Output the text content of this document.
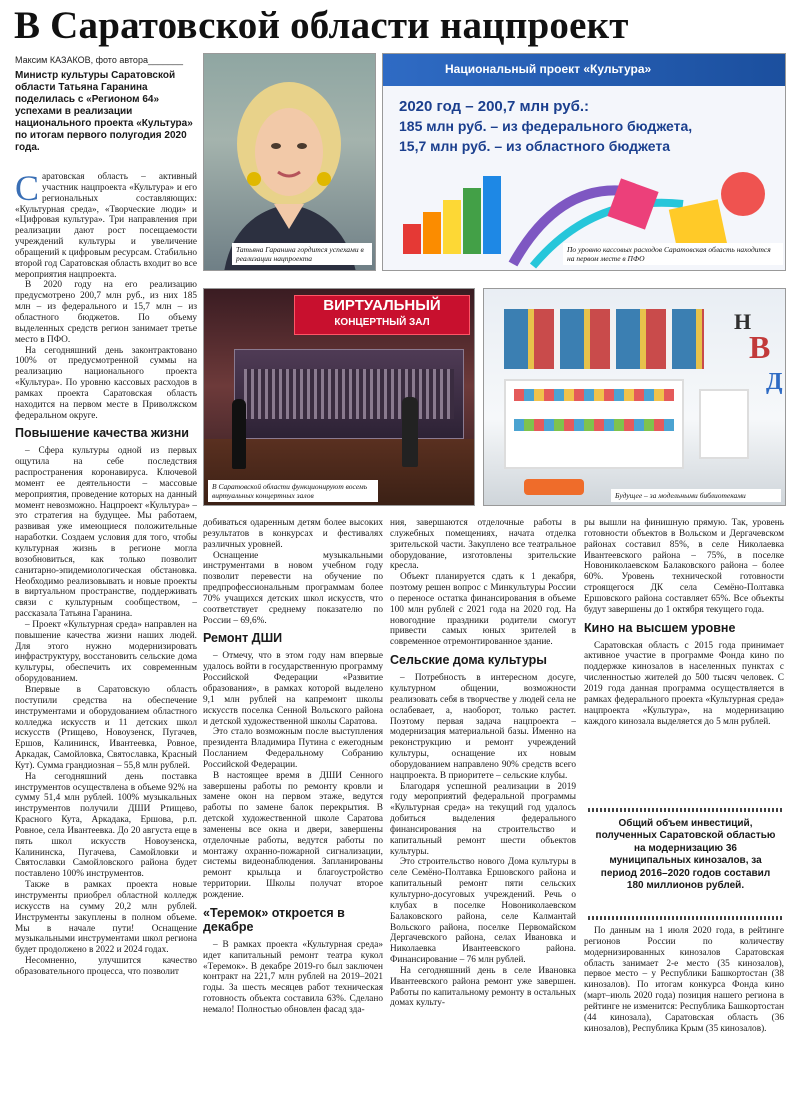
В Саратовской области нацпроект
Максим КАЗАКОВ, фото автора_______
Министр культуры Саратовской области Татьяна Гаранина поделилась с «Регионом 64» успехами в реализации национального проекта «Культура» по итогам первого полугодия 2020 года.
Татьяна Гаранина гордится успехами в реализации нацпроекта
Национальный проект «Культура»
2020 год – 200,7 млн руб.:
185 млн руб. – из федерального бюджета,
15,7 млн руб. – из областного бюджета
По уровню кассовых расходов Саратовская область находится на первом месте в ПФО
ВИРТУАЛЬНЫЙ
КОНЦЕРТНЫЙ ЗАЛ
В Саратовской области функционируют восемь виртуальных концертных залов
Н
В
Д
Будущее – за модельными библиотеками

Саратовская область – активный участник нацпроекта «Культура» и его региональных составляющих: «Культурная среда», «Творческие люди» и «Цифровая культура». Три направления при реализации дают рост посещаемости учреждений культуры и увеличение обращений к цифровым ресурсам. Стабильно второй год Саратовская область входит во все мероприятия нацпроекта.

В 2020 году на его реализацию предусмотрено 200,7 млн руб., из них 185 млн – из федерального и 15,7 млн – из областного бюджетов. По объему выделенных средств регион занимает третье место в ПФО.

На сегодняшний день законтрактовано 100% от предусмотренной суммы на реализацию национального проекта «Культура». По уровню кассовых расходов в рамках проекта Саратовская область находится на первом месте в Приволжском федеральном округе.

Повышение качества жизни

– Сфера культуры одной из первых ощутила на себе последствия распространения коронавируса. Ключевой момент ее деятельности – массовые мероприятия, проведение которых на данный момент невозможно. Нацпроект «Культура» – это стратегия на будущее. Мы работаем, развивая уже имеющиеся положительные наработки. Создаем условия для того, чтобы культурная жизнь в регионе могла возобновиться, как только позволит санитарно-эпидемиологическая обстановка. Необходимо реализовывать и новые проекты в виртуальном пространстве, поддерживать связи с культурным сообществом, – рассказала Татьяна Гаранина.

– Проект «Культурная среда» направлен на повышение качества жизни наших людей. Для этого нужно модернизировать инфраструктуру, восстановить сельские дома культуры, обеспечить их современным оборудованием.

Впервые в Саратовскую область поступили средства на обеспечение инструментами и оборудованием областного колледжа искусств и 11 детских школ искусств (Ртищево, Новоузенск, Пугачев, Ершов, Калининск, Ивантеевка, Ровное, Аркадак, Самойловка, Святославка, Красный Кут). Сумма грандиозная – 55,8 млн рублей.

На сегодняшний день поставка инструментов осуществлена в объеме 92% на сумму 51,4 млн рублей. 100% музыкальных инструментов получили ДШИ Ртищево, Красного Кута, Аркадака, Ершова, р.п. Ровное, села Ивантеевка. До 20 августа еще в пять школ искусств Новоузенска, Калининска, Пугачева, Самойловки и Святославки Самойловского района будет поставлено 100% инструментов.

Также в рамках проекта новые инструменты приобрел областной колледж искусств на сумму 20,2 млн рублей. Инструменты закуплены в полном объеме. Мы в начале пути! Оснащение музыкальными инструментами школ региона будет продолжено в 2022 и 2024 годах.

Несомненно, улучшится качество образовательного процесса, что позволит

добиваться одаренным детям более высоких результатов в конкурсах и фестивалях различных уровней.

Оснащение музыкальными инструментами в новом учебном году позволит перевести на обучение по предпрофессиональным программам более 70% учащихся детских школ искусств, что соответствует среднему показателю по России – 69,6%.

Ремонт ДШИ

– Отмечу, что в этом году нам впервые удалось войти в государственную программу Российской Федерации «Развитие образования», в рамках которой выделено 9,1 млн рублей на капремонт школы искусств поселка Сенной Вольского района и детской художественной школы Саратова.

Это стало возможным после выступления президента Владимира Путина с ежегодным Посланием Федеральному Собранию Российской Федерации.

В настоящее время в ДШИ Сенного завершены работы по ремонту кровли и замене окон на первом этаже, ведутся работы по замене балок перекрытия. В детской художественной школе Саратова заменены все окна и двери, завершены отделочные работы, ведутся работы по монтажу охранно-пожарной сигнализации, системы видеонаблюдения. Запланированы ремонт крыльца и благоустройство территории. Школы получат второе рождение.

«Теремок» откроется в декабре

– В рамках проекта «Культурная среда» идет капитальный ремонт театра кукол «Теремок». В декабре 2019-го был заключен контракт на 221,7 млн рублей на 2019–2021 годы. За шесть месяцев работ техническая готовность объекта составила 63%. Сделано немало! Полностью обновлен фасад зда-

ния, завершаются отделочные работы в служебных помещениях, начата отделка зрительской части. Закуплено все театральное оборудование, изготовлены зрительские кресла.

Объект планируется сдать к 1 декабря, поэтому решен вопрос с Минкультуры России о переносе остатка финансирования в объеме 100 млн рублей с 2021 года на 2020 год. На новогодние праздники родители смогут привести самых юных зрителей в современное отремонтированное здание.

Сельские дома культуры

– Потребность в интересном досуге, культурном общении, возможности реализовать себя в творчестве у людей села не ослабевает, а, наоборот, только растет. Поэтому первая задача нацпроекта – модернизация материальной базы. Именно на реконструкцию и ремонт учреждений культуры, оснащение их новым оборудованием направлено 90% средств всего нацпроекта. В приоритете – сельские клубы.

Благодаря успешной реализации в 2019 году мероприятий федеральной программы «Культурная среда» на текущий год удалось добиться выделения федерального финансирования на строительство и капитальный ремонт шести объектов культуры.

Это строительство нового Дома культуры в селе Семёно-Полтавка Ершовского района и капитальный ремонт пяти сельских культурно-досуговых учреждений. Речь о клубах в поселке Новониколаевском Балаковского района, селе Калмантай Вольского района, поселке Первомайском Дергачевского района, селах Ивановка и Николаевка Ивантеевского района. Финансирование – 76 млн рублей.

На сегодняшний день в селе Ивановка Ивантеевского района ремонт уже завершен. Работы по капитальному ремонту в остальных домах культу-

ры вышли на финишную прямую. Так, уровень готовности объектов в Вольском и Дергачевском районах составил 85%, в селе Николаевка Ивантеевского района – 75%, в поселке Новониколаевском Балаковского района – более 60%. Уровень технической готовности строящегося ДК села Семёно-Полтавка Ершовского района составляет 65%. Все объекты будут завершены до 1 октября текущего года.

Кино на высшем уровне

Саратовская область с 2015 года принимает активное участие в программе Фонда кино по поддержке кинозалов в населенных пунктах с численностью жителей до 500 тысяч человек. С 2019 года данная программа осуществляется в рамках федерального проекта «Культурная среда» нацпроекта «Культура», на модернизацию каждого кинозала выделяется до 5 млн рублей.

Общий объем инвестиций, полученных Саратовской областью на модернизацию 36 муниципальных кинозалов, за период 2016–2020 годов составил 180 миллионов рублей.

По данным на 1 июля 2020 года, в рейтинге регионов России по количеству модернизированных кинозалов Саратовская область занимает 2-е место (35 кинозалов), первое место – у Республики Башкортостан (38 кинозалов). По итогам конкурса Фонда кино (март–июль 2020 года) позиция нашего региона в рейтинге не изменится: Республика Башкортостан (44 кинозала), Саратовская область (36 кинозалов), Республика Крым (35 кинозалов).
